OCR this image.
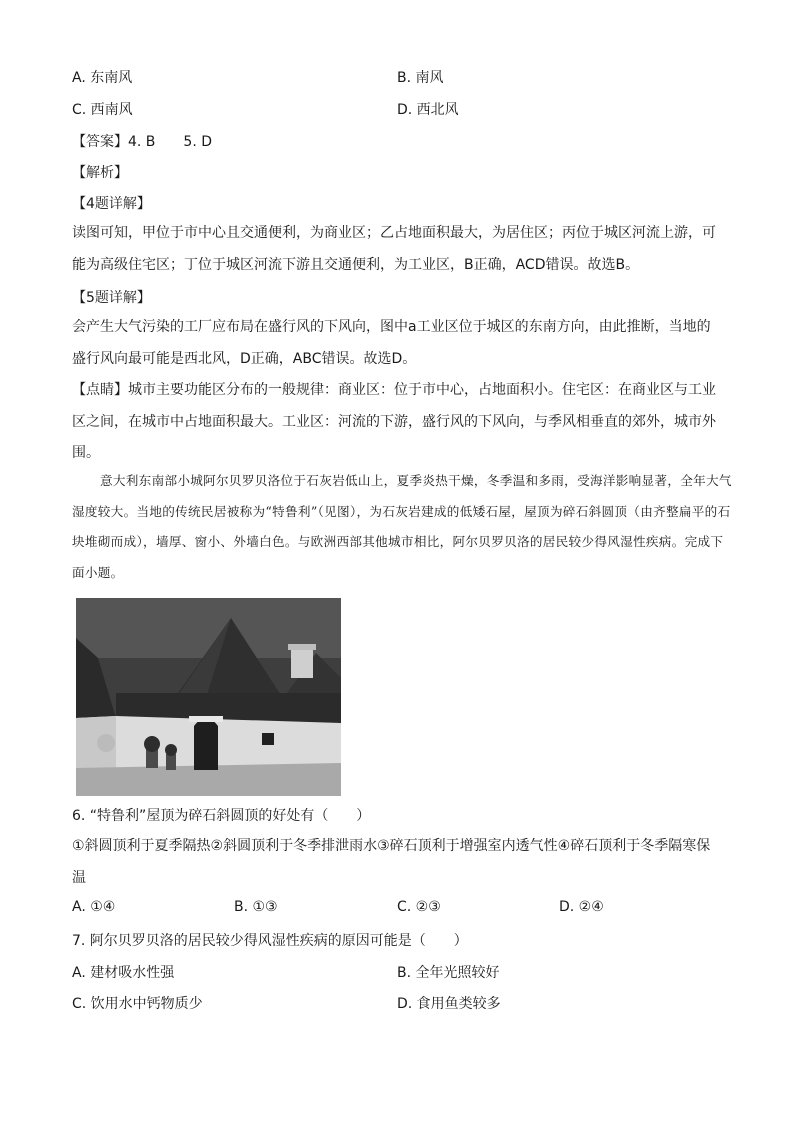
A. 东南风	B. 南风
C. 西南风	D. 西北风
【答案】4. B　　5. D
【解析】
【4题详解】
读图可知，甲位于市中心且交通便利，为商业区；乙占地面积最大，为居住区；丙位于城区河流上游，可能为高级住宅区；丁位于城区河流下游且交通便利，为工业区，B正确，ACD错误。故选B。
【5题详解】
会产生大气污染的工厂应布局在盛行风的下风向，图中a工业区位于城区的东南方向，由此推断，当地的盛行风向最可能是西北风，D正确，ABC错误。故选D。
【点睛】城市主要功能区分布的一般规律：商业区：位于市中心，占地面积小。住宅区：在商业区与工业区之间，在城市中占地面积最大。工业区：河流的下游，盛行风的下风向，与季风相垂直的郊外，城市外围。
意大利东南部小城阿尔贝罗贝洛位于石灰岩低山上，夏季炎热干燥，冬季温和多雨，受海洋影响显著，全年大气湿度较大。当地的传统民居被称为“特鲁利”（见图），为石灰岩建成的低矮石屋，屋顶为碎石斜圆顶（由齐整扁平的石块堆砌而成），墙厚、窗小、外墙白色。与欧洲西部其他城市相比，阿尔贝罗贝洛的居民较少得风湿性疾病。完成下面小题。
6. “特鲁利”屋顶为碎石斜圆顶的好处有（　　）
①斜圆顶利于夏季隔热②斜圆顶利于冬季排泄雨水③碎石顶利于增强室内透气性④碎石顶利于冬季隔寒保温
A. ①④	B. ①③	C. ②③	D. ②④
7. 阿尔贝罗贝洛的居民较少得风湿性疾病的原因可能是（　　）
A. 建材吸水性强	B. 全年光照较好
C. 饮用水中钙物质少	D. 食用鱼类较多
